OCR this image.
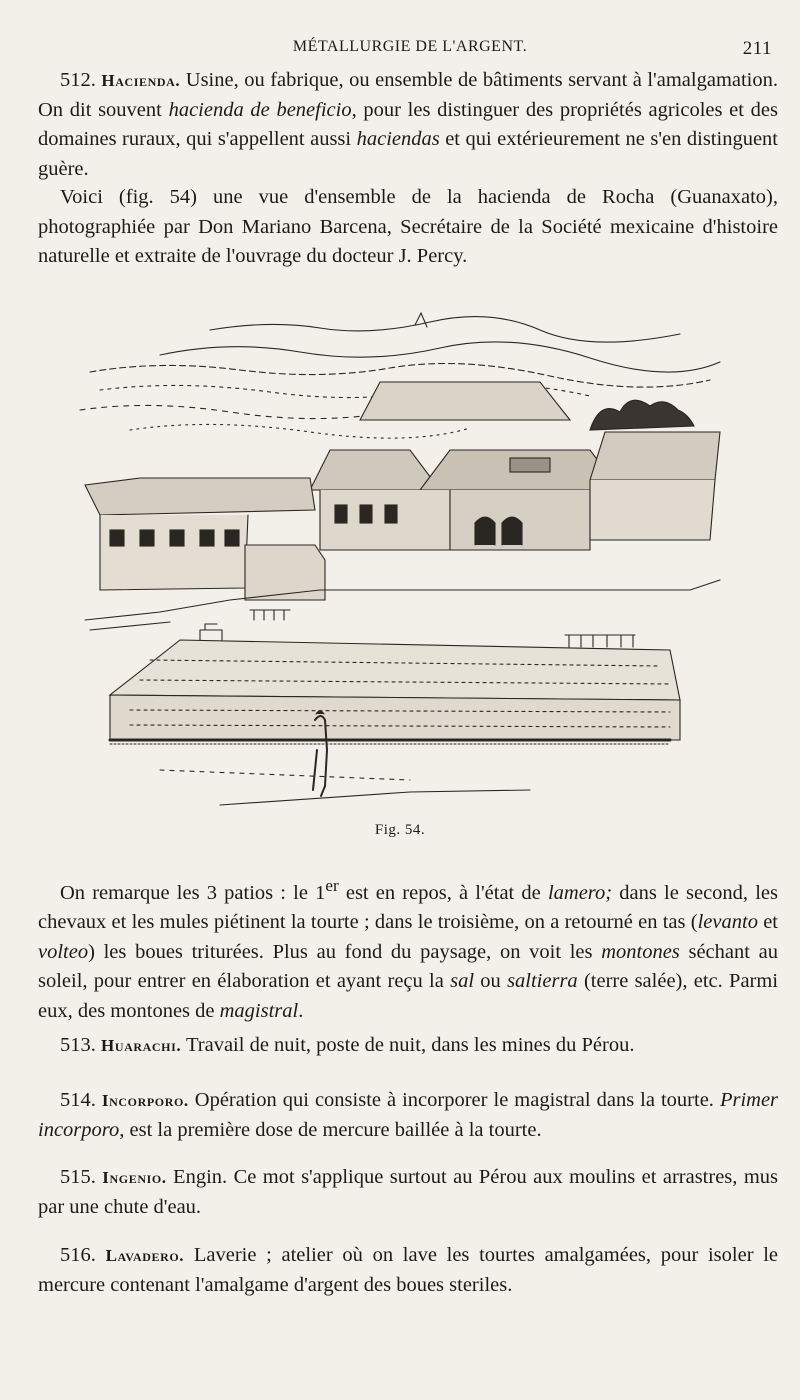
MÉTALLURGIE DE L'ARGENT.	211

512. Hacienda. Usine, ou fabrique, ou ensemble de bâtiments servant à l'amalgamation. On dit souvent hacienda de beneficio, pour les distinguer des propriétés agricoles et des domaines ruraux, qui s'appellent aussi haciendas et qui extérieurement ne s'en distinguent guère.

Voici (fig. 54) une vue d'ensemble de la hacienda de Rocha (Guanaxato), photographiée par Don Mariano Barcena, Secrétaire de la Société mexicaine d'histoire naturelle et extraite de l'ouvrage du docteur J. Percy.

Fig. 54.

On remarque les 3 patios : le 1er est en repos, à l'état de lamero; dans le second, les chevaux et les mules piétinent la tourte ; dans le troisième, on a retourné en tas (levanto et volteo) les boues triturées. Plus au fond du paysage, on voit les montones séchant au soleil, pour entrer en élaboration et ayant reçu la sal ou saltierra (terre salée), etc. Parmi eux, des montones de magistral.

513. Huarachi. Travail de nuit, poste de nuit, dans les mines du Pérou.

514. Incorporo. Opération qui consiste à incorporer le magistral dans la tourte. Primer incorporo, est la première dose de mercure baillée à la tourte.

515. Ingenio. Engin. Ce mot s'applique surtout au Pérou aux moulins et arrastres, mus par une chute d'eau.

516. Lavadero. Laverie ; atelier où on lave les tourtes amalgamées, pour isoler le mercure contenant l'amalgame d'argent des boues steriles.
